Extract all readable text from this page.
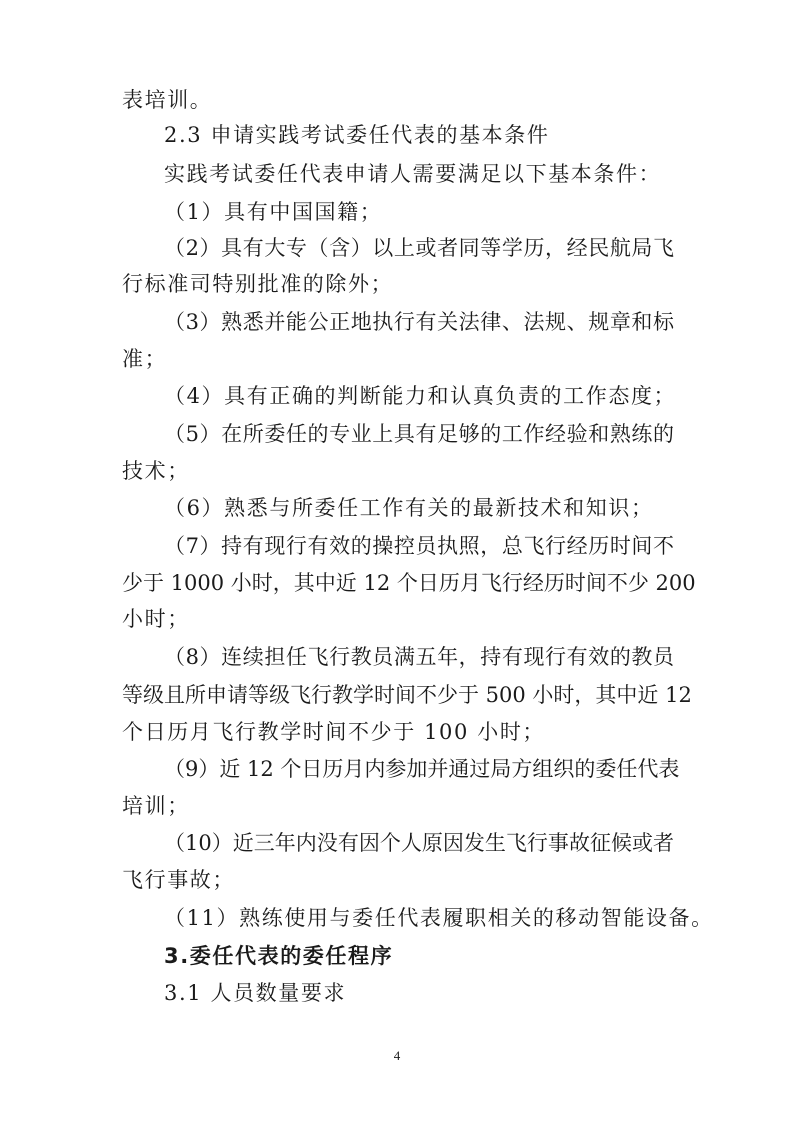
表培训。
2.3 申请实践考试委任代表的基本条件
实践考试委任代表申请人需要满足以下基本条件：
（1）具有中国国籍；
（2）具有大专（含）以上或者同等学历，经民航局飞
行标准司特别批准的除外；
（3）熟悉并能公正地执行有关法律、法规、规章和标
准；
（4）具有正确的判断能力和认真负责的工作态度；
（5）在所委任的专业上具有足够的工作经验和熟练的
技术；
（6）熟悉与所委任工作有关的最新技术和知识；
（7）持有现行有效的操控员执照，总飞行经历时间不
少于 1000 小时，其中近 12 个日历月飞行经历时间不少 200
小时；
（8）连续担任飞行教员满五年，持有现行有效的教员
等级且所申请等级飞行教学时间不少于 500 小时，其中近 12
个日历月飞行教学时间不少于 100 小时；
（9）近 12 个日历月内参加并通过局方组织的委任代表
培训；
（10）近三年内没有因个人原因发生飞行事故征候或者
飞行事故；
（11）熟练使用与委任代表履职相关的移动智能设备。
3.委任代表的委任程序
3.1 人员数量要求
4
